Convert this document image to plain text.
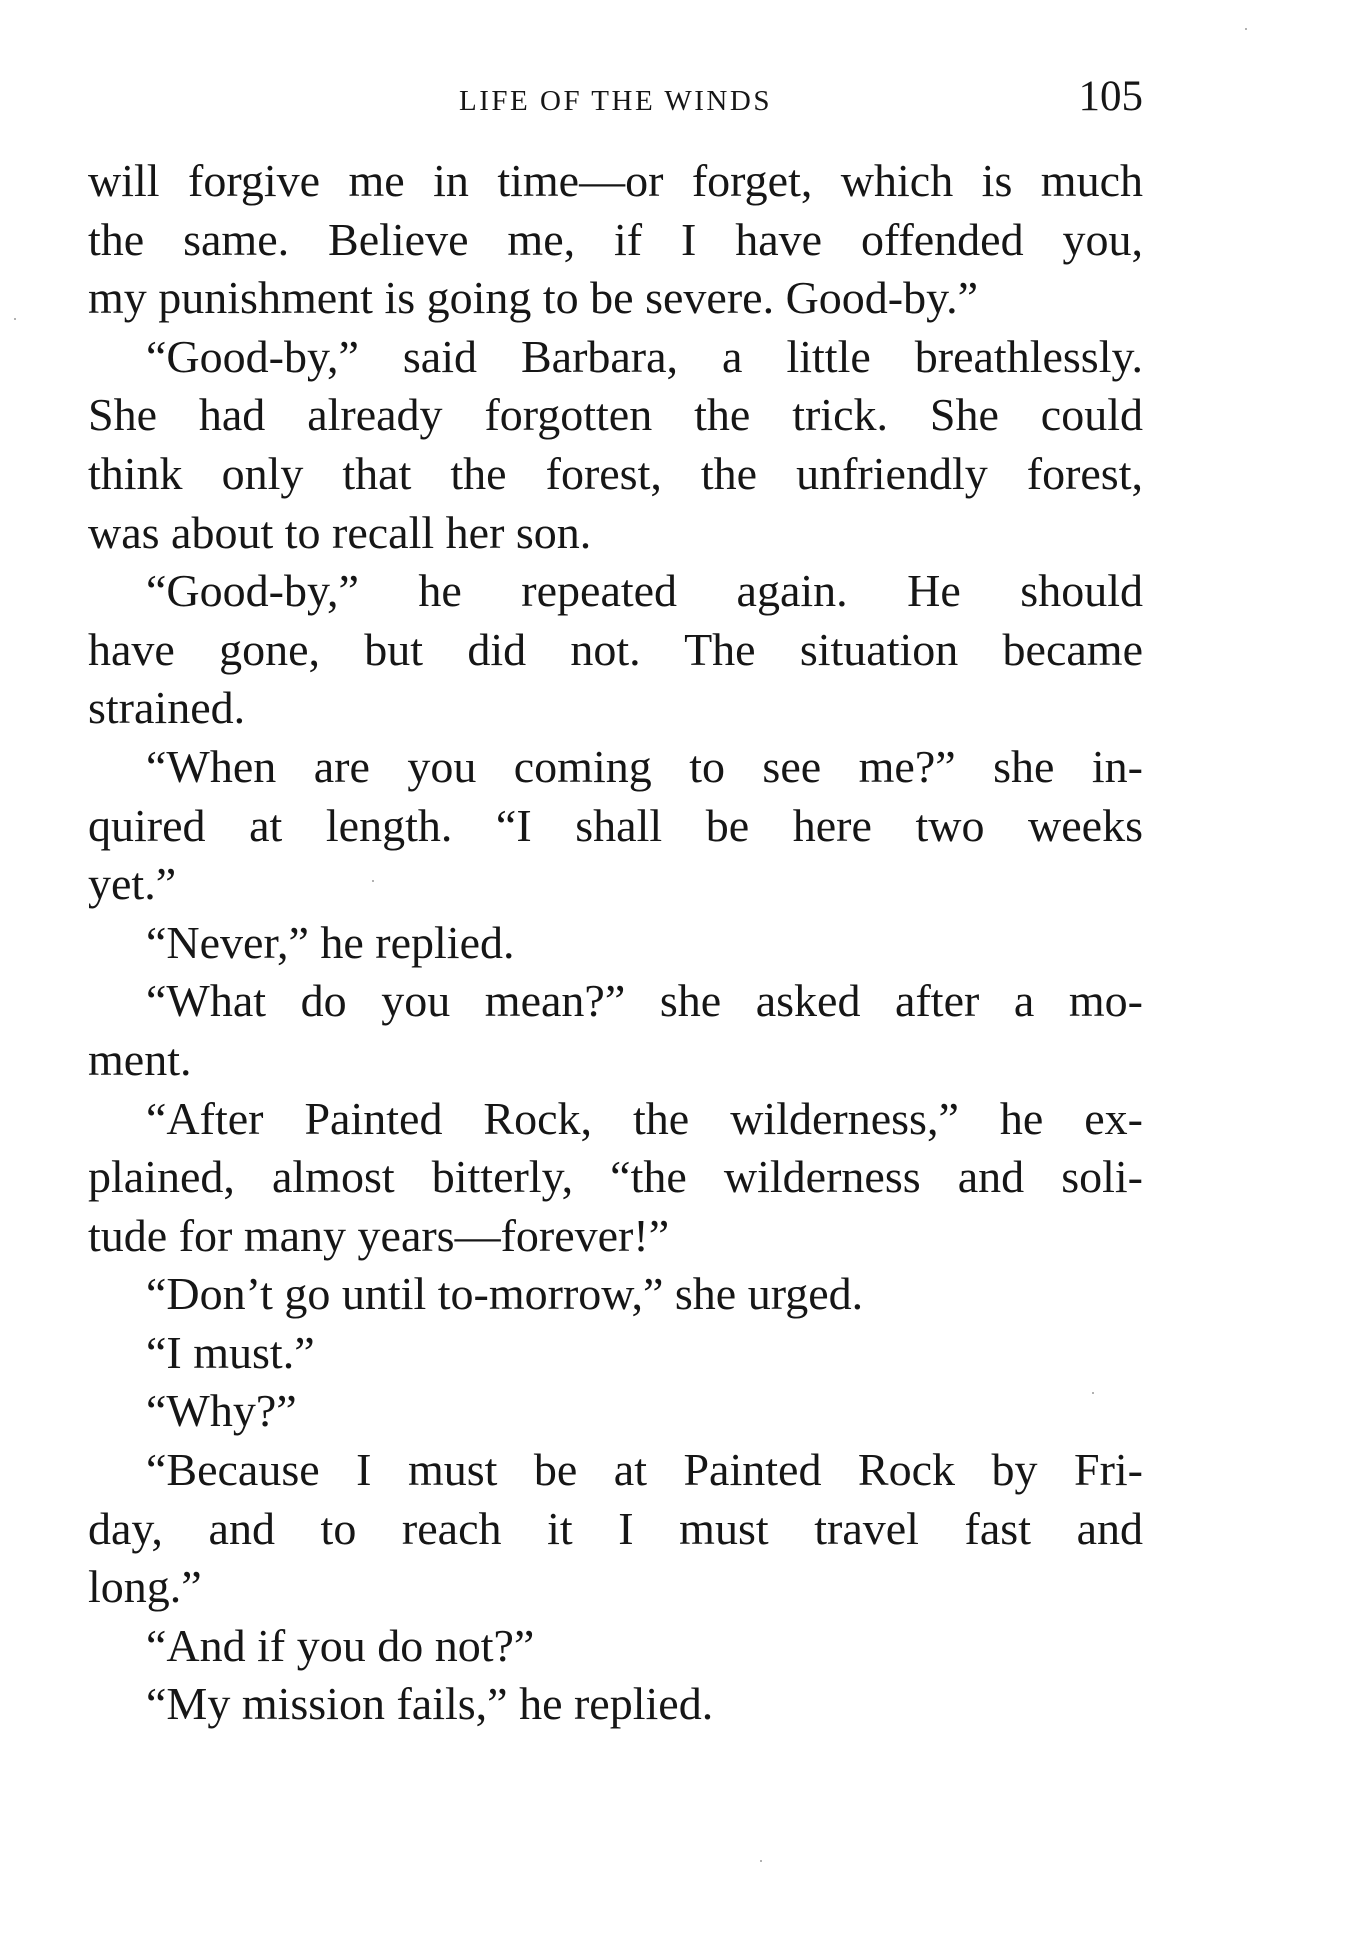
LIFE OF THE WINDS	105
will forgive me in time—or forget, which is much
the same. Believe me, if I have offended you,
my punishment is going to be severe. Good-by.”
“Good-by,” said Barbara, a little breathlessly.
She had already forgotten the trick. She could
think only that the forest, the unfriendly forest,
was about to recall her son.
“Good-by,” he repeated again. He should
have gone, but did not. The situation became
strained.
“When are you coming to see me?” she in-
quired at length. “I shall be here two weeks
yet.”
“Never,” he replied.
“What do you mean?” she asked after a mo-
ment.
“After Painted Rock, the wilderness,” he ex-
plained, almost bitterly, “the wilderness and soli-
tude for many years—forever!”
“Don’t go until to-morrow,” she urged.
“I must.”
“Why?”
“Because I must be at Painted Rock by Fri-
day, and to reach it I must travel fast and
long.”
“And if you do not?”
“My mission fails,” he replied.
